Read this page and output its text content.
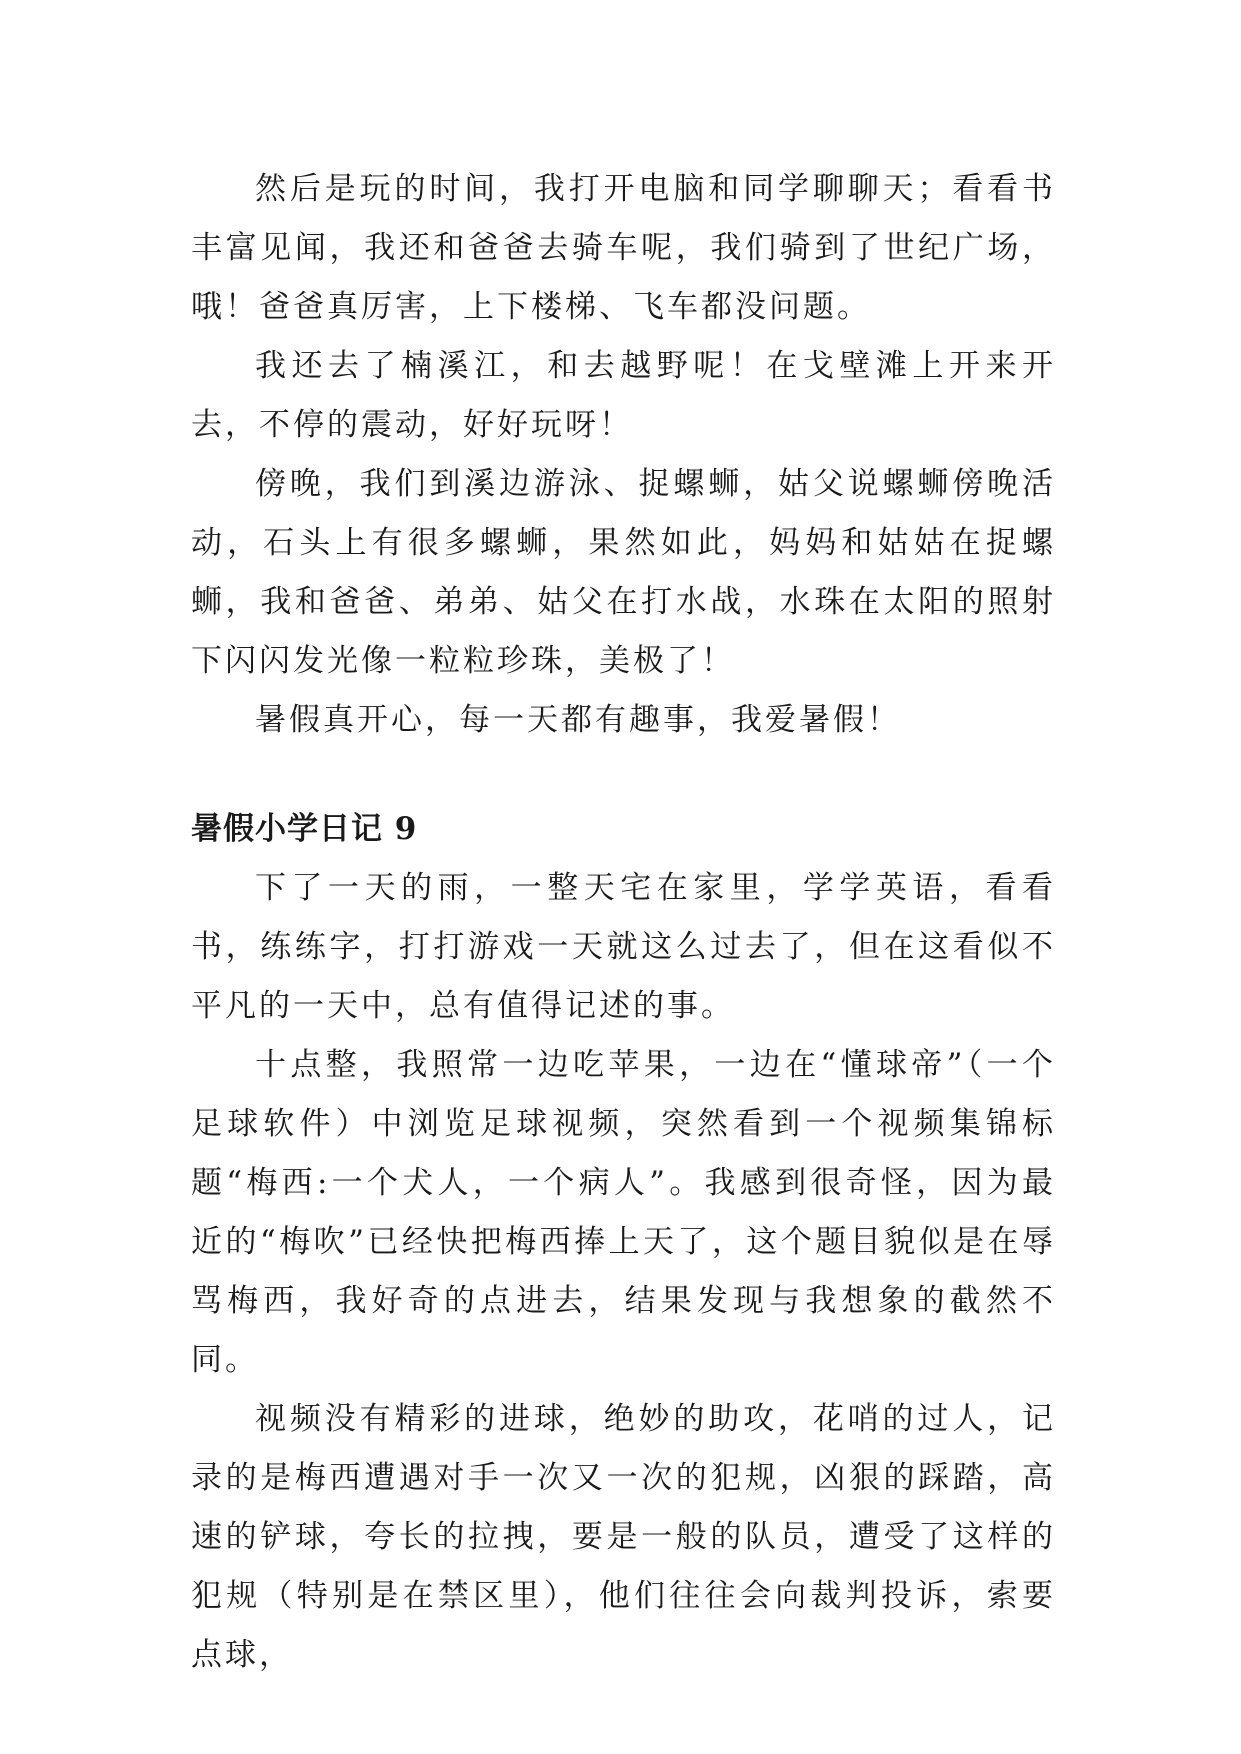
然后是玩的时间，我打开电脑和同学聊聊天；看看书丰富见闻，我还和爸爸去骑车呢，我们骑到了世纪广场，哦！爸爸真厉害，上下楼梯、飞车都没问题。

我还去了楠溪江，和去越野呢！在戈壁滩上开来开去，不停的震动，好好玩呀！

傍晚，我们到溪边游泳、捉螺蛳，姑父说螺蛳傍晚活动，石头上有很多螺蛳，果然如此，妈妈和姑姑在捉螺蛳，我和爸爸、弟弟、姑父在打水战，水珠在太阳的照射下闪闪发光像一粒粒珍珠，美极了！

暑假真开心，每一天都有趣事，我爱暑假！

暑假小学日记 9

下了一天的雨，一整天宅在家里，学学英语，看看书，练练字，打打游戏一天就这么过去了，但在这看似不平凡的一天中，总有值得记述的事。

十点整，我照常一边吃苹果，一边在“懂球帝”（一个足球软件）中浏览足球视频，突然看到一个视频集锦标题“梅西:一个犬人，一个病人”。我感到很奇怪，因为最近的“梅吹”已经快把梅西捧上天了，这个题目貌似是在辱骂梅西，我好奇的点进去，结果发现与我想象的截然不同。

视频没有精彩的进球，绝妙的助攻，花哨的过人，记录的是梅西遭遇对手一次又一次的犯规，凶狠的踩踏，高速的铲球，夸长的拉拽，要是一般的队员，遭受了这样的犯规（特别是在禁区里），他们往往会向裁判投诉，索要点球，
